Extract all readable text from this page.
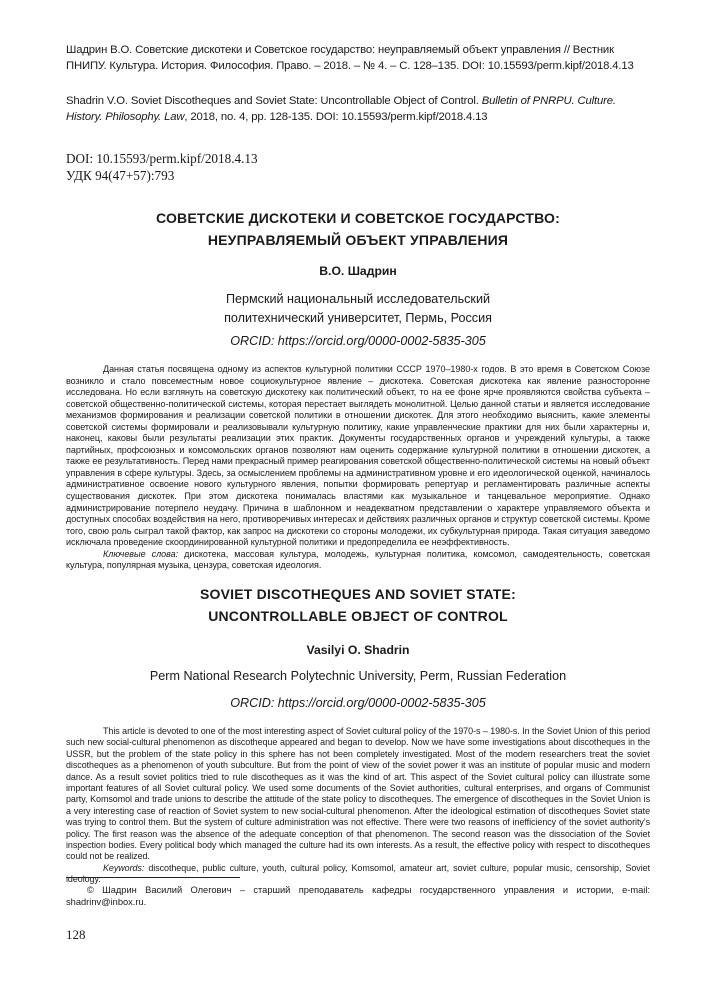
Шадрин В.О. Советские дискотеки и Советское государство: неуправляемый объект управления // Вестник ПНИПУ. Культура. История. Философия. Право. – 2018. – № 4. – С. 128–135. DOI: 10.15593/perm.kipf/2018.4.13
Shadrin V.O. Soviet Discotheques and Soviet State: Uncontrollable Object of Control. Bulletin of PNRPU. Culture. History. Philosophy. Law, 2018, no. 4, pp. 128-135. DOI: 10.15593/perm.kipf/2018.4.13
DOI: 10.15593/perm.kipf/2018.4.13
УДК 94(47+57):793
СОВЕТСКИЕ ДИСКОТЕКИ И СОВЕТСКОЕ ГОСУДАРСТВО:
НЕУПРАВЛЯЕМЫЙ ОБЪЕКТ УПРАВЛЕНИЯ
В.О. Шадрин
Пермский национальный исследовательский
политехнический университет, Пермь, Россия
ORCID: https://orcid.org/0000-0002-5835-305

Данная статья посвящена одному из аспектов культурной политики СССР 1970–1980-х годов. В это время в Советском Союзе возникло и стало повсеместным новое социокультурное явление – дискотека. Советская дискотека как явление разносторонне исследована. Но если взглянуть на советскую дискотеку как политический объект, то на ее фоне ярче проявляются свойства субъекта – советской общественно-политической системы, которая перестает выглядеть монолитной. Целью данной статьи и является исследование механизмов формирования и реализации советской политики в отношении дискотек. Для этого необходимо выяснить, какие элементы советской системы формировали и реализовывали культурную политику, какие управленческие практики для них были характерны и, наконец, каковы были результаты реализации этих практик. Документы государственных органов и учреждений культуры, а также партийных, профсоюзных и комсомольских органов позволяют нам оценить содержание культурной политики в отношении дискотек, а также ее результативность. Перед нами прекрасный пример реагирования советской общественно-политической системы на новый объект управления в сфере культуры. Здесь, за осмыслением проблемы на административном уровне и его идеологической оценкой, начиналось административное освоение нового культурного явления, попытки формировать репертуар и регламентировать различные аспекты существования дискотек. При этом дискотека понималась властями как музыкальное и танцевальное мероприятие. Однако администрирование потерпело неудачу. Причина в шаблонном и неадекватном представлении о характере управляемого объекта и доступных способах воздействия на него, противоречивых интересах и действиях различных органов и структур советской системы. Кроме того, свою роль сыграл такой фактор, как запрос на дискотеки со стороны молодежи, их субкультурная природа. Такая ситуация заведомо исключала проведение скоординированной культурной политики и предопределила ее неэффективность.

Ключевые слова: дискотека, массовая культура, молодежь, культурная политика, комсомол, самодеятельность, советская культура, популярная музыка, цензура, советская идеология.

SOVIET DISCOTHEQUES AND SOVIET STATE:
UNCONTROLLABLE OBJECT OF CONTROL
Vasilyi O. Shadrin
Perm National Research Polytechnic University, Perm, Russian Federation
ORCID: https://orcid.org/0000-0002-5835-305

This article is devoted to one of the most interesting aspect of Soviet cultural policy of the 1970-s – 1980-s. In the Soviet Union of this period such new social-cultural phenomenon as discotheque appeared and began to develop. Now we have some investigations about discotheques in the USSR, but the problem of the state policy in this sphere has not been completely investigated. Most of the modern researchers treat the soviet discotheques as a phenomenon of youth subculture. But from the point of view of the soviet power it was an institute of popular music and modern dance. As a result soviet politics tried to rule discotheques as it was the kind of art. This aspect of the Soviet cultural policy can illustrate some important features of all Soviet cultural policy. We used some documents of the Soviet authorities, cultural enterprises, and organs of Communist party, Komsomol and trade unions to describe the attitude of the state policy to discotheques. The emergence of discotheques in the Soviet Union is a very interesting case of reaction of Soviet system to new social-cultural phenomenon. After the ideological estimation of discotheques Soviet state was trying to control them. But the system of culture administration was not effective. There were two reasons of inefficiency of the soviet authority’s policy. The first reason was the absence of the adequate conception of that phenomenon. The second reason was the dissociation of the Soviet inspection bodies. Every political body which managed the culture had its own interests. As a result, the effective policy with respect to discotheques could not be realized.

Keywords: discotheque, public culture, youth, cultural policy, Komsomol, amateur art, soviet culture, popular music, censorship, Soviet ideology.

© Шадрин Василий Олегович – старший преподаватель кафедры государственного управления и истории, e-mail: shadrinv@inbox.ru.

128
